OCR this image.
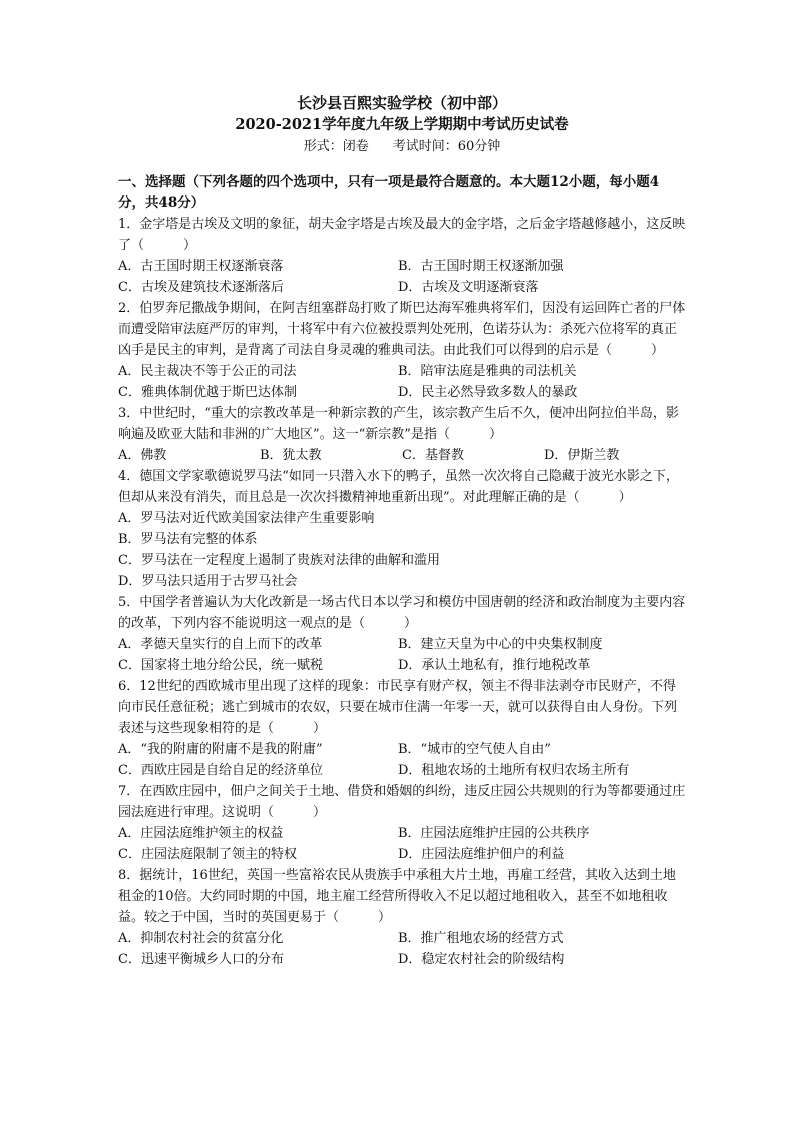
长沙县百熙实验学校（初中部）
2020-2021学年度九年级上学期期中考试历史试卷
形式：闭卷 考试时间：60分钟
一、选择题（下列各题的四个选项中，只有一项是最符合题意的。本大题12小题，每小题4分，共48分）
1．金字塔是古埃及文明的象征，胡夫金字塔是古埃及最大的金字塔，之后金字塔越修越小，这反映了（　　　）
A．古王国时期王权逐渐衰落	B．古王国时期王权逐渐加强
C．古埃及建筑技术逐渐落后	D．古埃及文明逐渐衰落
2．伯罗奔尼撒战争期间，在阿吉纽塞群岛打败了斯巴达海军雅典将军们，因没有运回阵亡者的尸体而遭受陪审法庭严厉的审判，十将军中有六位被投票判处死刑，色诺芬认为：杀死六位将军的真正凶手是民主的审判，是背离了司法自身灵魂的雅典司法。由此我们可以得到的启示是（　　　）
A．民主裁决不等于公正的司法	B．陪审法庭是雅典的司法机关
C．雅典体制优越于斯巴达体制	D．民主必然导致多数人的暴政
3．中世纪时，“重大的宗教改革是一种新宗教的产生，该宗教产生后不久，便冲出阿拉伯半岛，影响遍及欧亚大陆和非洲的广大地区”。这一“新宗教”是指（　　　）
A．佛教	B．犹太教	C．基督教	D．伊斯兰教
4．德国文学家歌德说罗马法“如同一只潜入水下的鸭子，虽然一次次将自己隐藏于波光水影之下，但却从来没有消失，而且总是一次次抖擞精神地重新出现”。对此理解正确的是（　　　）
A．罗马法对近代欧美国家法律产生重要影响
B．罗马法有完整的体系
C．罗马法在一定程度上遏制了贵族对法律的曲解和滥用
D．罗马法只适用于古罗马社会
5．中国学者普遍认为大化改新是一场古代日本以学习和模仿中国唐朝的经济和政治制度为主要内容的改革，下列内容不能说明这一观点的是（　　　）
A．孝德天皇实行的自上而下的改革	B．建立天皇为中心的中央集权制度
C．国家将土地分给公民，统一赋税	D．承认土地私有，推行地税改革
6．12世纪的西欧城市里出现了这样的现象：市民享有财产权，领主不得非法剥夺市民财产，不得向市民任意征税；逃亡到城市的农奴，只要在城市住满一年零一天，就可以获得自由人身份。下列表述与这些现象相符的是（　　　）
A．“我的附庸的附庸不是我的附庸”	B．“城市的空气使人自由”
C．西欧庄园是自给自足的经济单位	D．租地农场的土地所有权归农场主所有
7．在西欧庄园中，佃户之间关于土地、借贷和婚姻的纠纷，违反庄园公共规则的行为等都要通过庄园法庭进行审理。这说明（　　　）
A．庄园法庭维护领主的权益	B．庄园法庭维护庄园的公共秩序
C．庄园法庭限制了领主的特权	D．庄园法庭维护佃户的利益
8．据统计，16世纪，英国一些富裕农民从贵族手中承租大片土地，再雇工经营，其收入达到土地租金的10倍。大约同时期的中国，地主雇工经营所得收入不足以超过地租收入，甚至不如地租收益。较之于中国，当时的英国更易于（　　　）
A．抑制农村社会的贫富分化	B．推广租地农场的经营方式
C．迅速平衡城乡人口的分布	D．稳定农村社会的阶级结构
